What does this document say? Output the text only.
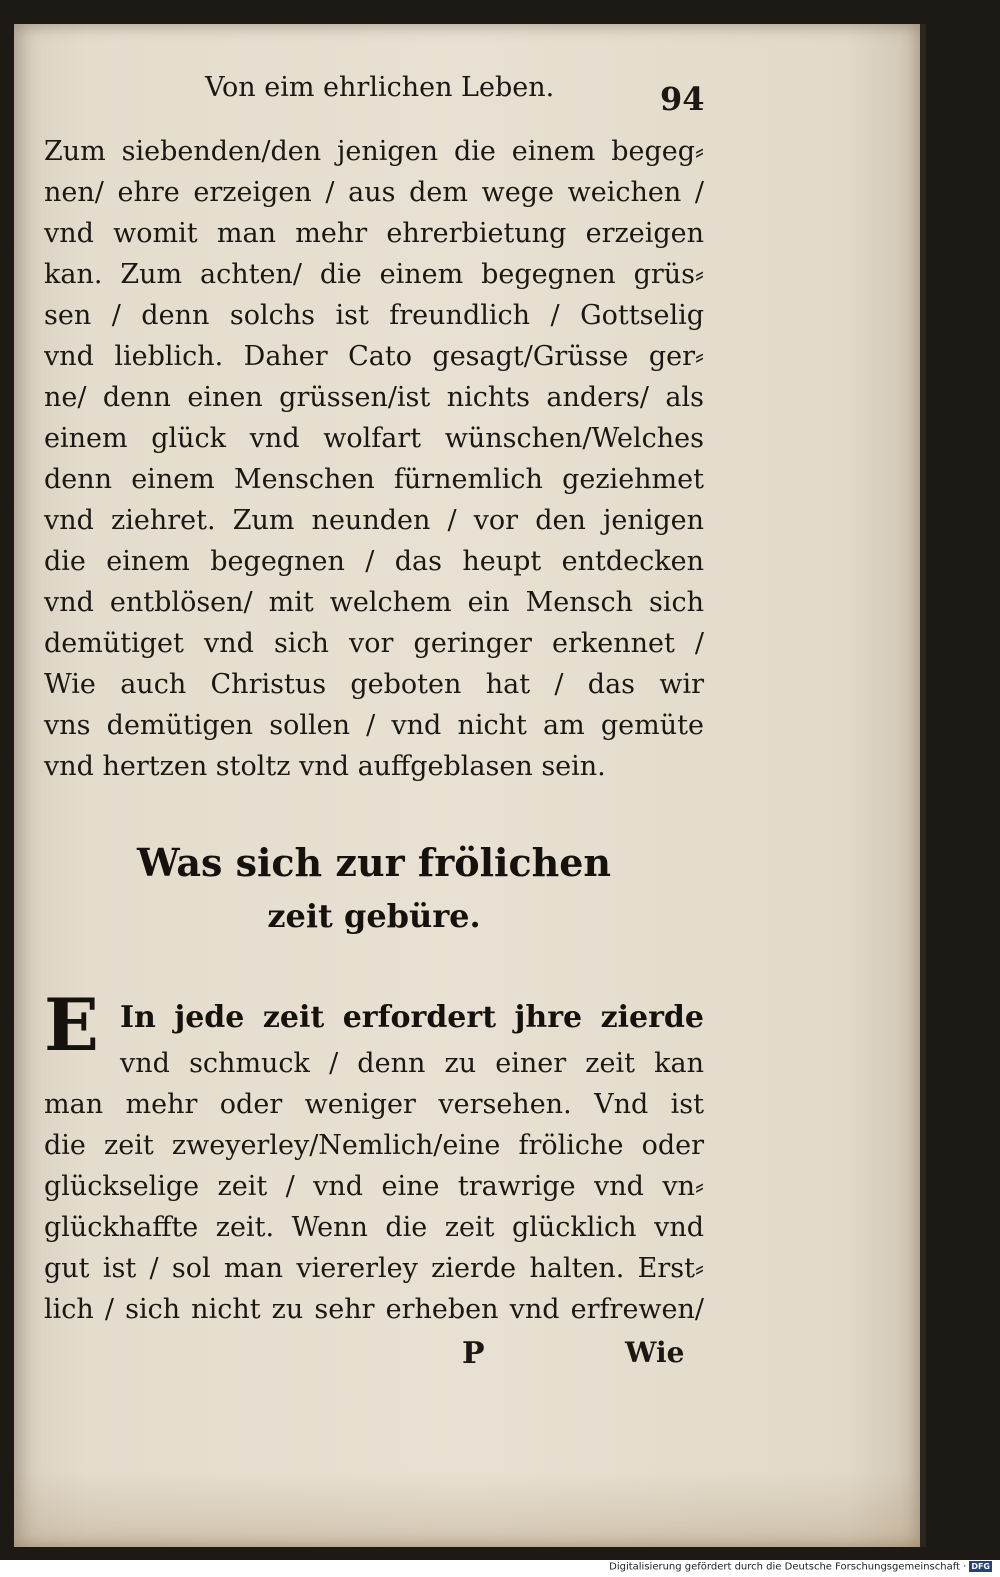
Von eim ehrlichen Leben.	94
Zum siebenden/den jenigen die einem begeg⸗
nen/ ehre erzeigen / aus dem wege weichen /
vnd womit man mehr ehrerbietung erzeigen
kan. Zum achten/ die einem begegnen grüs⸗
sen / denn solchs ist freundlich / Gottselig
vnd lieblich. Daher Cato gesagt/Grüsse ger⸗
ne/ denn einen grüssen/ist nichts anders/ als
einem glück vnd wolfart wünschen/Welches
denn einem Menschen fürnemlich geziehmet
vnd ziehret. Zum neunden / vor den jenigen
die einem begegnen / das heupt entdecken
vnd entblösen/ mit welchem ein Mensch sich
demütiget vnd sich vor geringer erkennet /
Wie auch Christus geboten hat / das wir
vns demütigen sollen / vnd nicht am gemüte
vnd hertzen stoltz vnd auffgeblasen sein.
Was sich zur frölichen
zeit gebüre.
E In jede zeit erfordert jhre zierde
vnd schmuck / denn zu einer zeit kan
man mehr oder weniger versehen. Vnd ist
die zeit zweyerley/Nemlich/eine fröliche oder
glückselige zeit / vnd eine trawrige vnd vn⸗
glückhaffte zeit. Wenn die zeit glücklich vnd
gut ist / sol man viererley zierde halten. Erst⸗
lich / sich nicht zu sehr erheben vnd erfrewen/
P	Wie
Digitalisierung gefördert durch die Deutsche Forschungsgemeinschaft · DFG
